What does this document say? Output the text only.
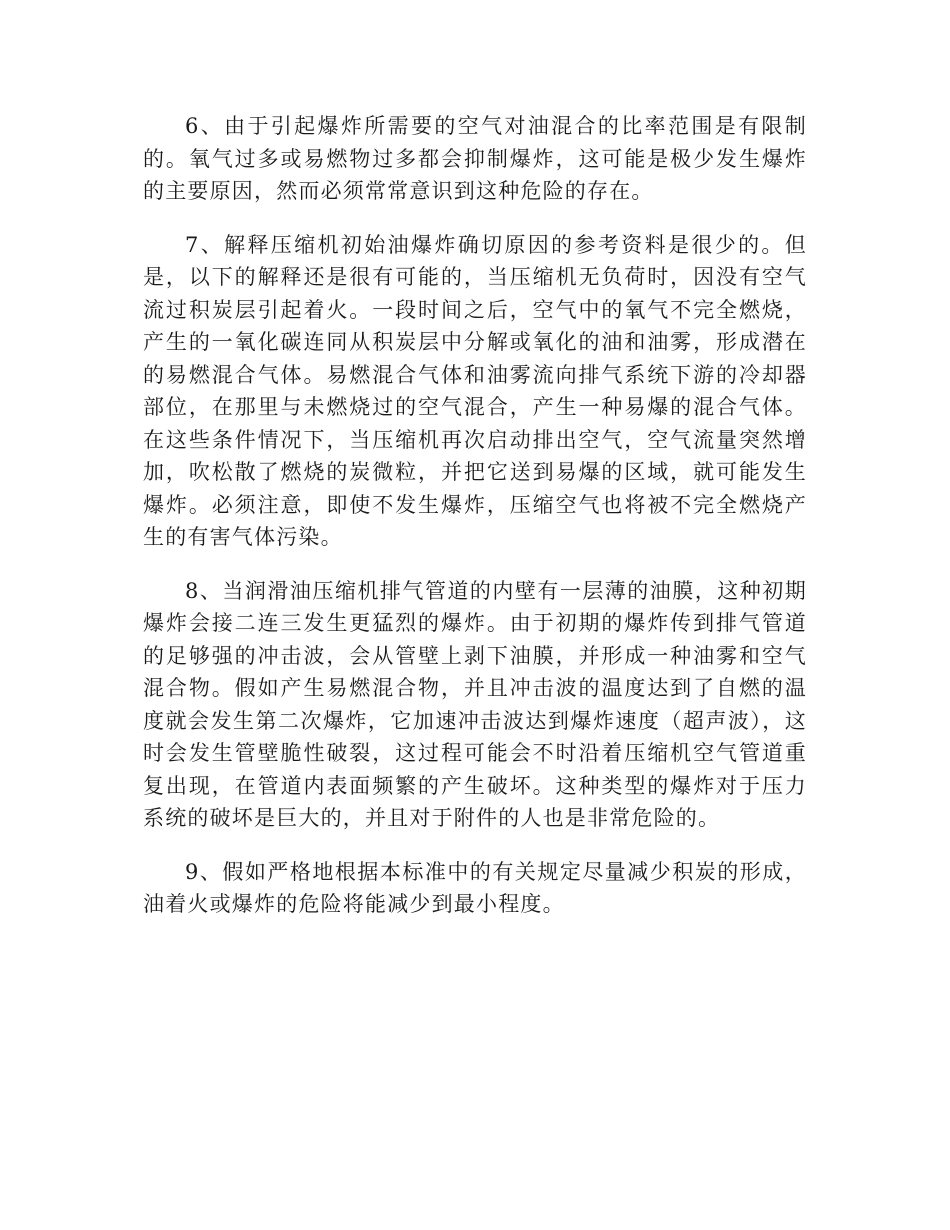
6、由于引起爆炸所需要的空气对油混合的比率范围是有限制的。氧气过多或易燃物过多都会抑制爆炸，这可能是极少发生爆炸的主要原因，然而必须常常意识到这种危险的存在。

7、解释压缩机初始油爆炸确切原因的参考资料是很少的。但是，以下的解释还是很有可能的，当压缩机无负荷时，因没有空气流过积炭层引起着火。一段时间之后，空气中的氧气不完全燃烧，产生的一氧化碳连同从积炭层中分解或氧化的油和油雾，形成潜在的易燃混合气体。易燃混合气体和油雾流向排气系统下游的冷却器部位，在那里与未燃烧过的空气混合，产生一种易爆的混合气体。在这些条件情况下，当压缩机再次启动排出空气，空气流量突然增加，吹松散了燃烧的炭微粒，并把它送到易爆的区域，就可能发生爆炸。必须注意，即使不发生爆炸，压缩空气也将被不完全燃烧产生的有害气体污染。

8、当润滑油压缩机排气管道的内壁有一层薄的油膜，这种初期爆炸会接二连三发生更猛烈的爆炸。由于初期的爆炸传到排气管道的足够强的冲击波，会从管壁上剥下油膜，并形成一种油雾和空气混合物。假如产生易燃混合物，并且冲击波的温度达到了自燃的温度就会发生第二次爆炸，它加速冲击波达到爆炸速度（超声波），这时会发生管壁脆性破裂，这过程可能会不时沿着压缩机空气管道重复出现，在管道内表面频繁的产生破坏。这种类型的爆炸对于压力系统的破坏是巨大的，并且对于附件的人也是非常危险的。

9、假如严格地根据本标准中的有关规定尽量减少积炭的形成，油着火或爆炸的危险将能减少到最小程度。
